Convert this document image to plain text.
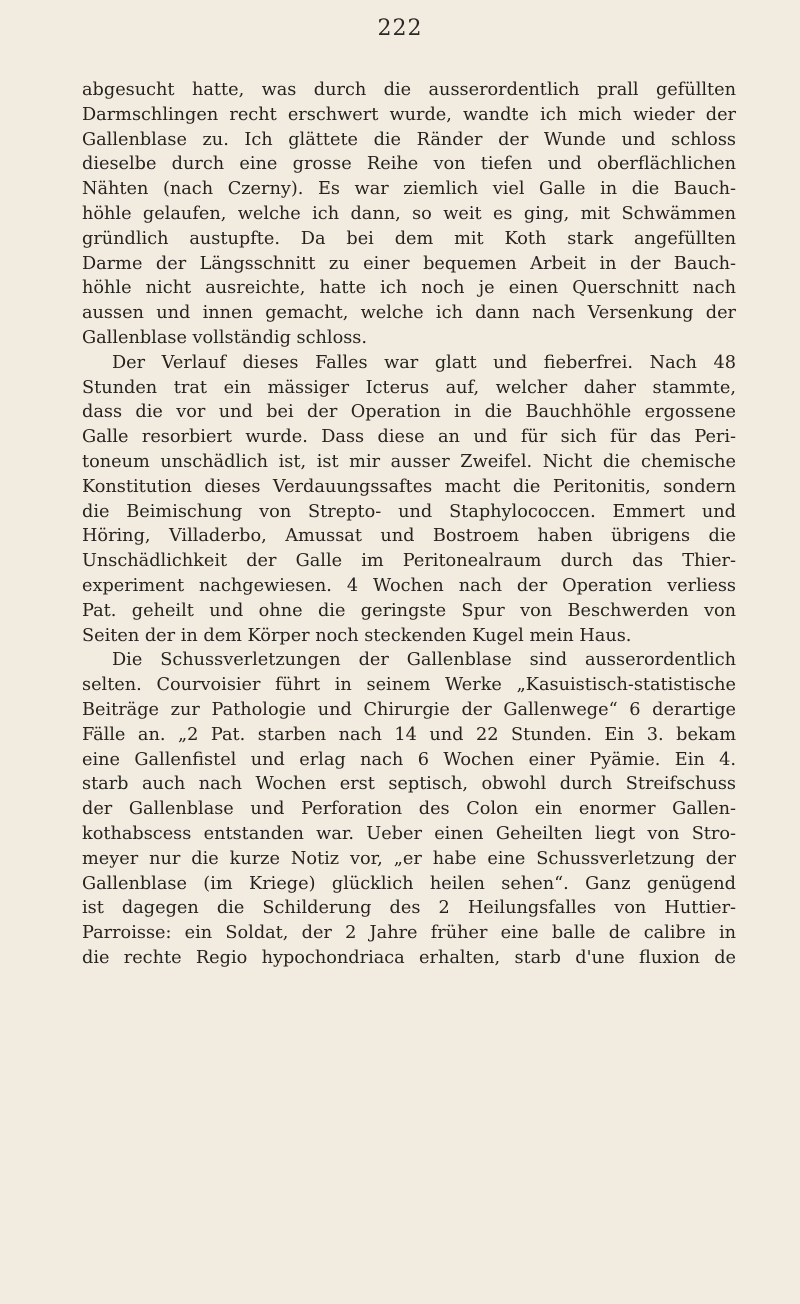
222
abgesucht hatte, was durch die ausserordentlich prall gefüllten
Darmschlingen recht erschwert wurde, wandte ich mich wieder der
Gallenblase zu. Ich glättete die Ränder der Wunde und schloss
dieselbe durch eine grosse Reihe von tiefen und oberflächlichen
Nähten (nach Czerny). Es war ziemlich viel Galle in die Bauch-
höhle gelaufen, welche ich dann, so weit es ging, mit Schwämmen
gründlich austupfte. Da bei dem mit Koth stark angefüllten
Darme der Längsschnitt zu einer bequemen Arbeit in der Bauch-
höhle nicht ausreichte, hatte ich noch je einen Querschnitt nach
aussen und innen gemacht, welche ich dann nach Versenkung der
Gallenblase vollständig schloss.
Der Verlauf dieses Falles war glatt und fieberfrei. Nach 48
Stunden trat ein mässiger Icterus auf, welcher daher stammte,
dass die vor und bei der Operation in die Bauchhöhle ergossene
Galle resorbiert wurde. Dass diese an und für sich für das Peri-
toneum unschädlich ist, ist mir ausser Zweifel. Nicht die chemische
Konstitution dieses Verdauungssaftes macht die Peritonitis, sondern
die Beimischung von Strepto- und Staphylococcen. Emmert und
Höring, Villaderbo, Amussat und Bostroem haben übrigens die
Unschädlichkeit der Galle im Peritonealraum durch das Thier-
experiment nachgewiesen. 4 Wochen nach der Operation verliess
Pat. geheilt und ohne die geringste Spur von Beschwerden von
Seiten der in dem Körper noch steckenden Kugel mein Haus.
Die Schussverletzungen der Gallenblase sind ausserordentlich
selten. Courvoisier führt in seinem Werke „Kasuistisch-statistische
Beiträge zur Pathologie und Chirurgie der Gallenwege“ 6 derartige
Fälle an. „2 Pat. starben nach 14 und 22 Stunden. Ein 3. bekam
eine Gallenfistel und erlag nach 6 Wochen einer Pyämie. Ein 4.
starb auch nach Wochen erst septisch, obwohl durch Streifschuss
der Gallenblase und Perforation des Colon ein enormer Gallen-
kothabscess entstanden war. Ueber einen Geheilten liegt von Stro-
meyer nur die kurze Notiz vor, „er habe eine Schussverletzung der
Gallenblase (im Kriege) glücklich heilen sehen“. Ganz genügend
ist dagegen die Schilderung des 2 Heilungsfalles von Huttier-
Parroisse: ein Soldat, der 2 Jahre früher eine balle de calibre in
die rechte Regio hypochondriaca erhalten, starb d'une fluxion de
